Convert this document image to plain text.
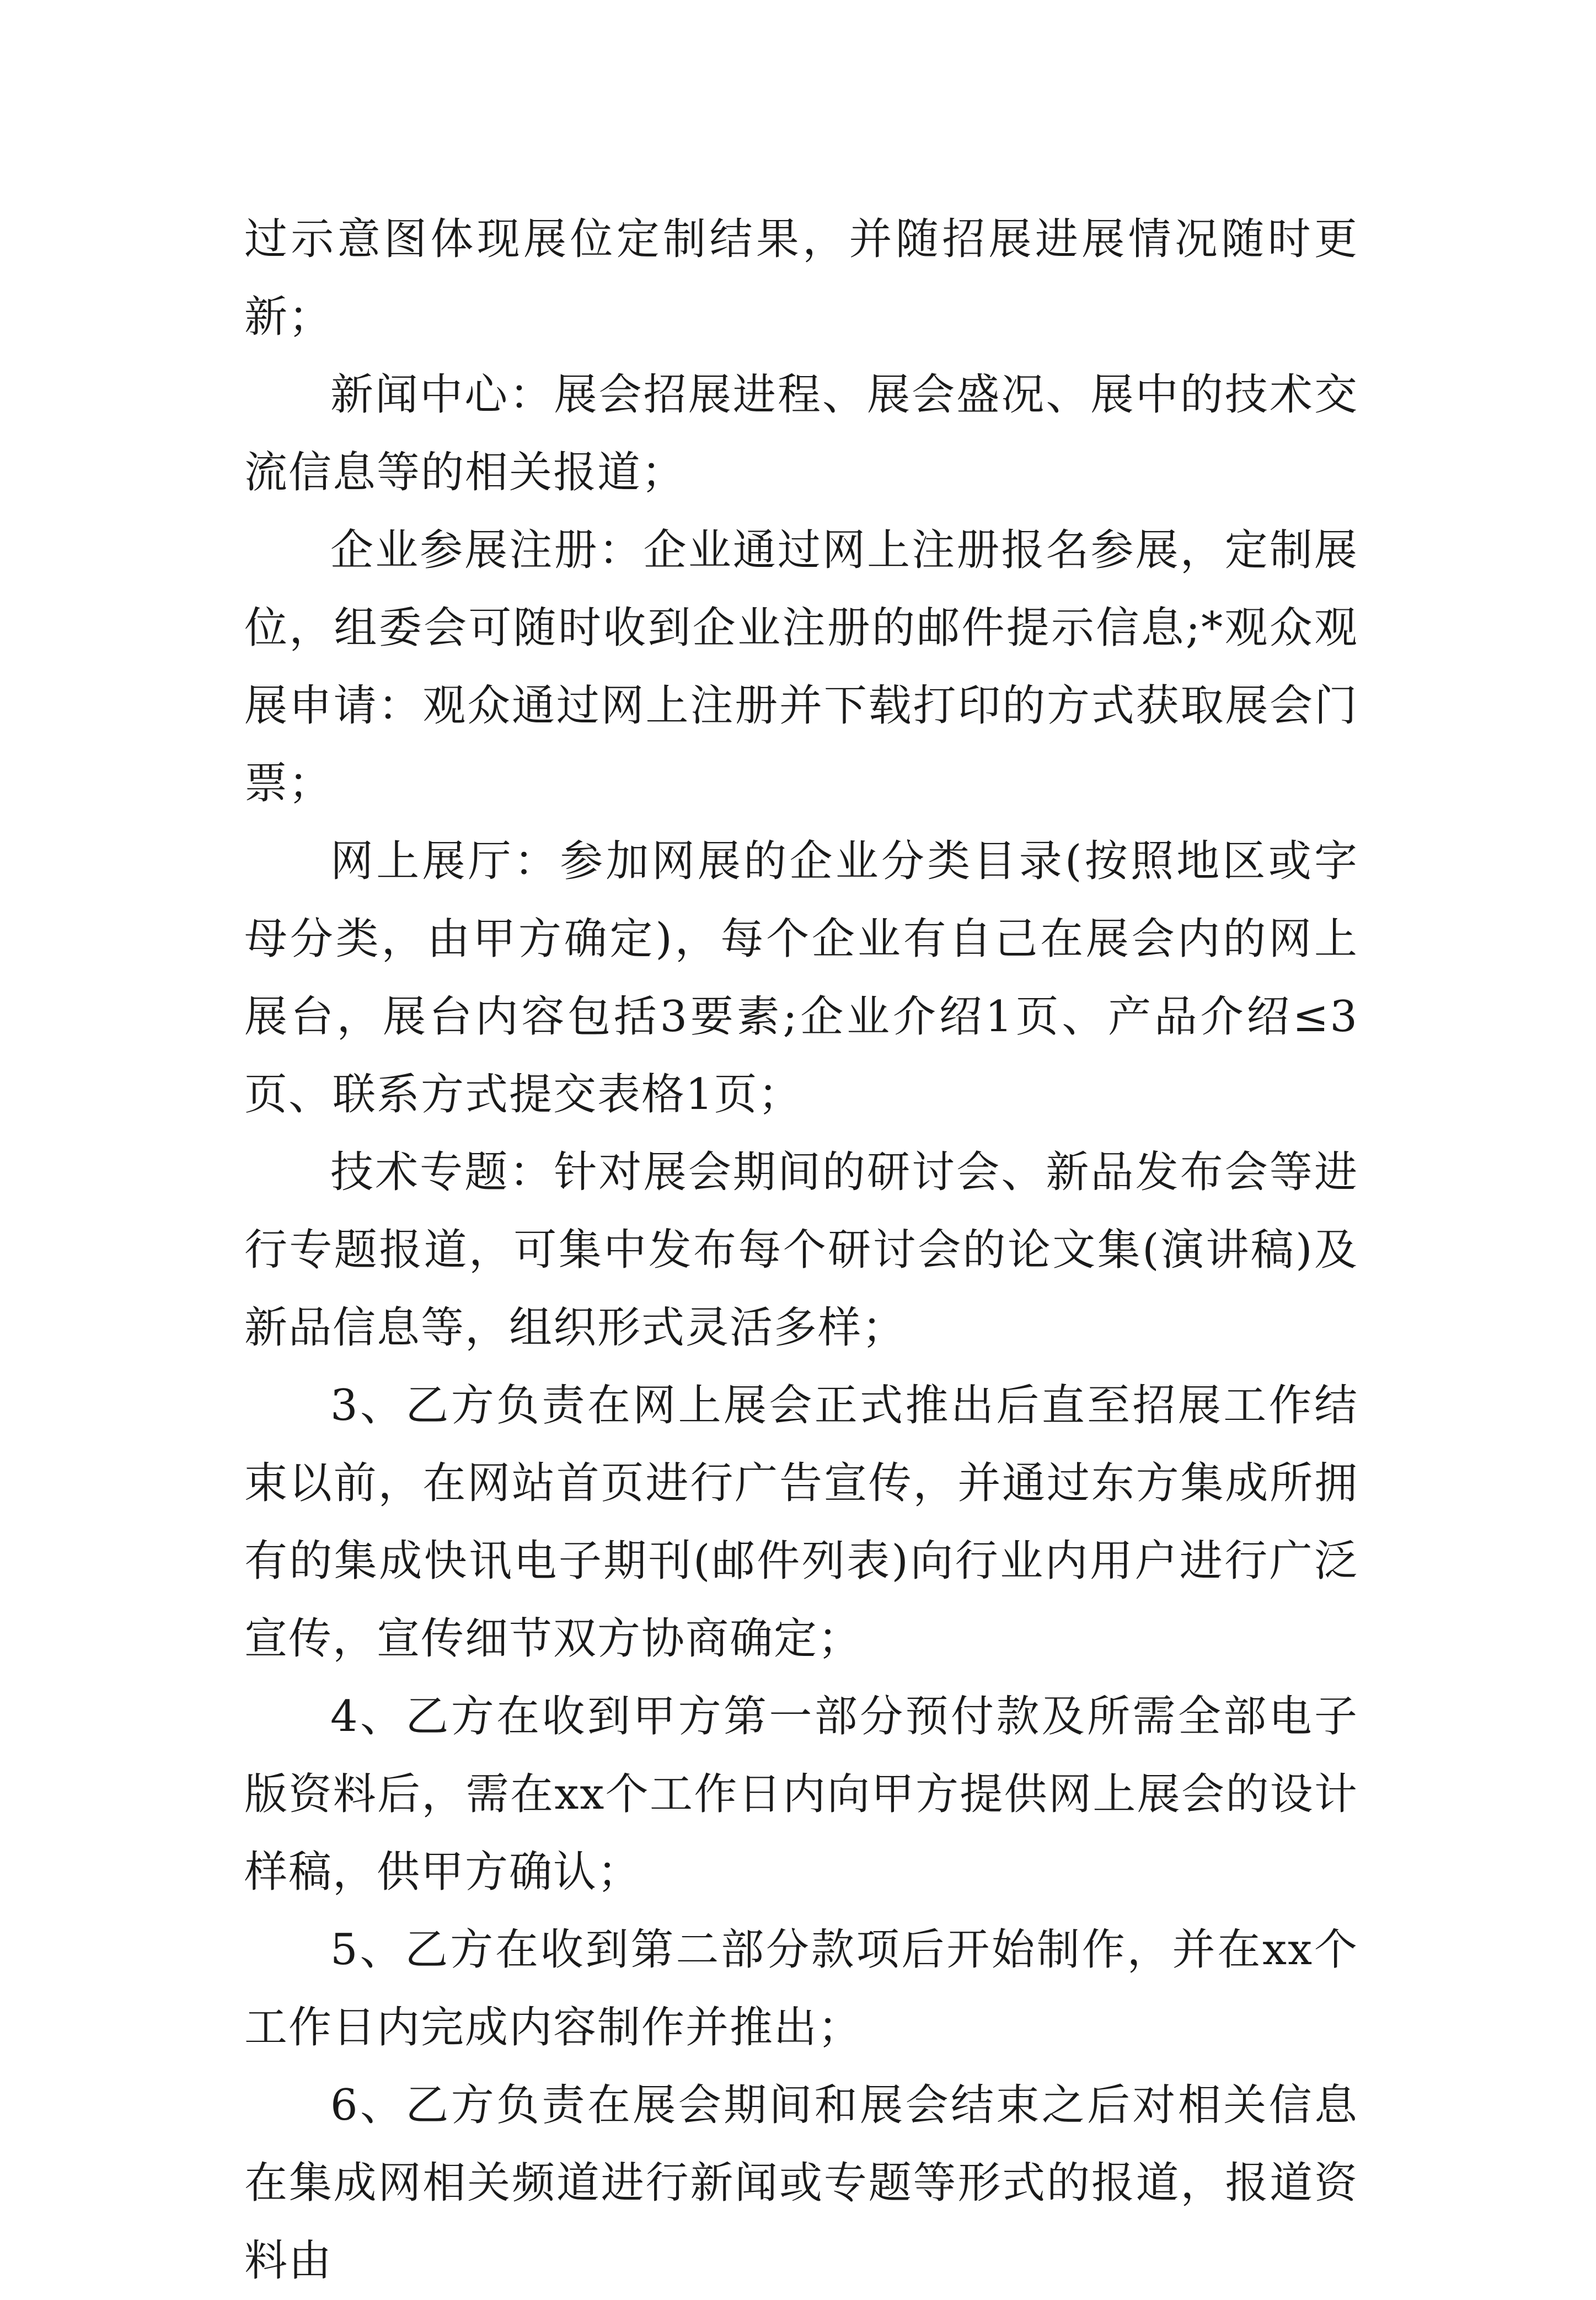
过示意图体现展位定制结果，并随招展进展情况随时更新；

新闻中心：展会招展进程、展会盛况、展中的技术交流信息等的相关报道；

企业参展注册：企业通过网上注册报名参展，定制展位，组委会可随时收到企业注册的邮件提示信息;*观众观展申请：观众通过网上注册并下载打印的方式获取展会门票；

网上展厅：参加网展的企业分类目录(按照地区或字母分类，由甲方确定)，每个企业有自己在展会内的网上展台，展台内容包括3要素;企业介绍1页、产品介绍≤3页、联系方式提交表格1页；

技术专题：针对展会期间的研讨会、新品发布会等进行专题报道，可集中发布每个研讨会的论文集(演讲稿)及新品信息等，组织形式灵活多样；

3、乙方负责在网上展会正式推出后直至招展工作结束以前，在网站首页进行广告宣传，并通过东方集成所拥有的集成快讯电子期刊(邮件列表)向行业内用户进行广泛宣传，宣传细节双方协商确定；

4、乙方在收到甲方第一部分预付款及所需全部电子版资料后，需在xx个工作日内向甲方提供网上展会的设计样稿，供甲方确认；

5、乙方在收到第二部分款项后开始制作，并在xx个工作日内完成内容制作并推出；

6、乙方负责在展会期间和展会结束之后对相关信息在集成网相关频道进行新闻或专题等形式的报道，报道资料由
